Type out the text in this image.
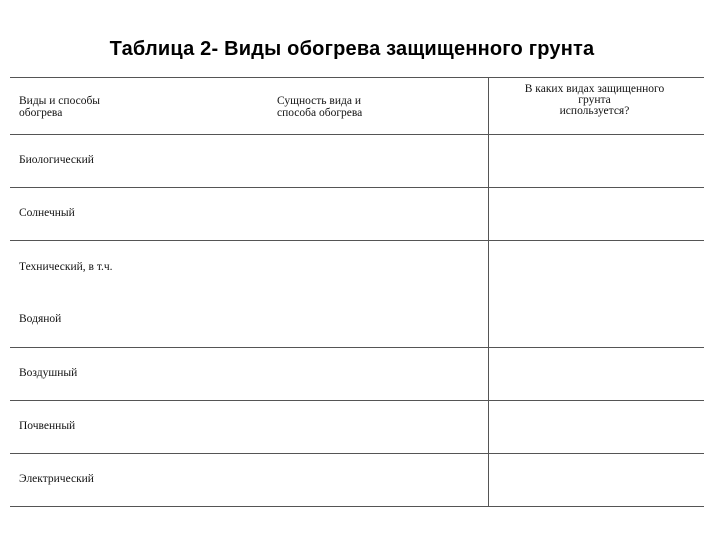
Таблица 2- Виды обогрева защищенного грунта
Виды и способы
обогрева
Сущность вида и
способа обогрева
В каких видах защищенного
грунта
используется?
Биологический
Солнечный
Технический, в т.ч.
Водяной
Воздушный
Почвенный
Электрический
